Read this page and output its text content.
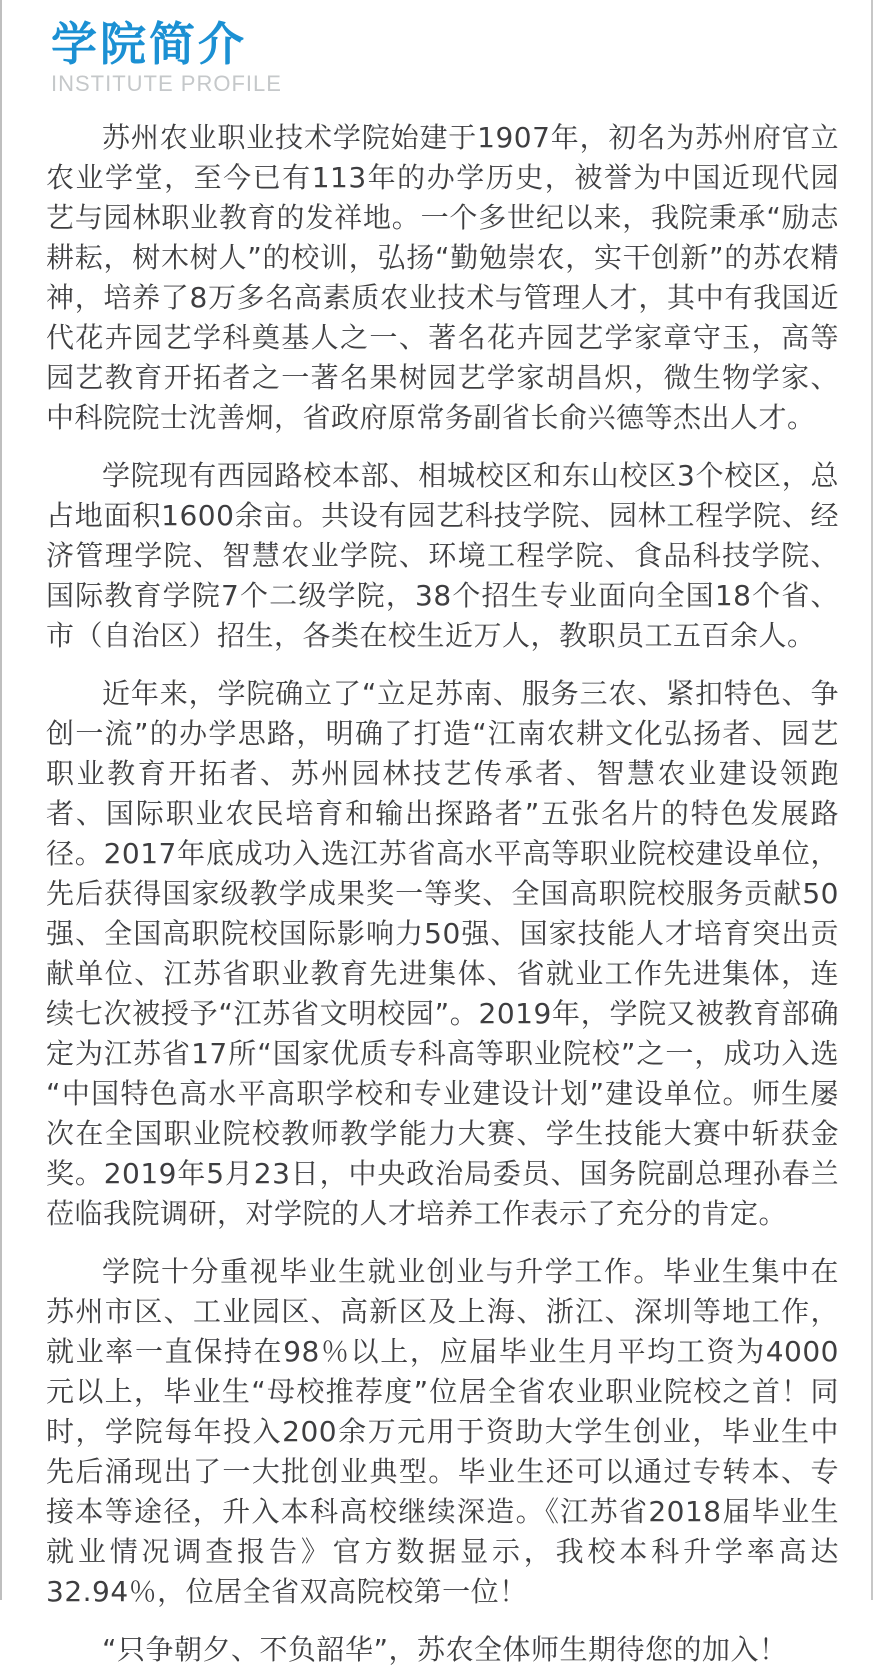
学院简介
INSTITUTE PROFILE

苏州农业职业技术学院始建于1907年，初名为苏州府官立农业学堂，至今已有113年的办学历史，被誉为中国近现代园艺与园林职业教育的发祥地。一个多世纪以来，我院秉承“励志耕耘，树木树人”的校训，弘扬“勤勉崇农，实干创新”的苏农精神，培养了8万多名高素质农业技术与管理人才，其中有我国近代花卉园艺学科奠基人之一、著名花卉园艺学家章守玉，高等园艺教育开拓者之一著名果树园艺学家胡昌炽，微生物学家、中科院院士沈善炯，省政府原常务副省长俞兴德等杰出人才。

学院现有西园路校本部、相城校区和东山校区3个校区，总占地面积1600余亩。共设有园艺科技学院、园林工程学院、经济管理学院、智慧农业学院、环境工程学院、食品科技学院、国际教育学院7个二级学院，38个招生专业面向全国18个省、市（自治区）招生，各类在校生近万人，教职员工五百余人。

近年来，学院确立了“立足苏南、服务三农、紧扣特色、争创一流”的办学思路，明确了打造“江南农耕文化弘扬者、园艺职业教育开拓者、苏州园林技艺传承者、智慧农业建设领跑者、国际职业农民培育和输出探路者”五张名片的特色发展路径。2017年底成功入选江苏省高水平高等职业院校建设单位，先后获得国家级教学成果奖一等奖、全国高职院校服务贡献50强、全国高职院校国际影响力50强、国家技能人才培育突出贡献单位、江苏省职业教育先进集体、省就业工作先进集体，连续七次被授予“江苏省文明校园”。2019年，学院又被教育部确定为江苏省17所“国家优质专科高等职业院校”之一，成功入选“中国特色高水平高职学校和专业建设计划”建设单位。师生屡次在全国职业院校教师教学能力大赛、学生技能大赛中斩获金奖。2019年5月23日，中央政治局委员、国务院副总理孙春兰莅临我院调研，对学院的人才培养工作表示了充分的肯定。

学院十分重视毕业生就业创业与升学工作。毕业生集中在苏州市区、工业园区、高新区及上海、浙江、深圳等地工作，就业率一直保持在98％以上，应届毕业生月平均工资为4000元以上，毕业生“母校推荐度”位居全省农业职业院校之首！同时，学院每年投入200余万元用于资助大学生创业，毕业生中先后涌现出了一大批创业典型。毕业生还可以通过专转本、专接本等途径，升入本科高校继续深造。《江苏省2018届毕业生就业情况调查报告》官方数据显示，我校本科升学率高达32.94％，位居全省双高院校第一位！

“只争朝夕、不负韶华”，苏农全体师生期待您的加入！
